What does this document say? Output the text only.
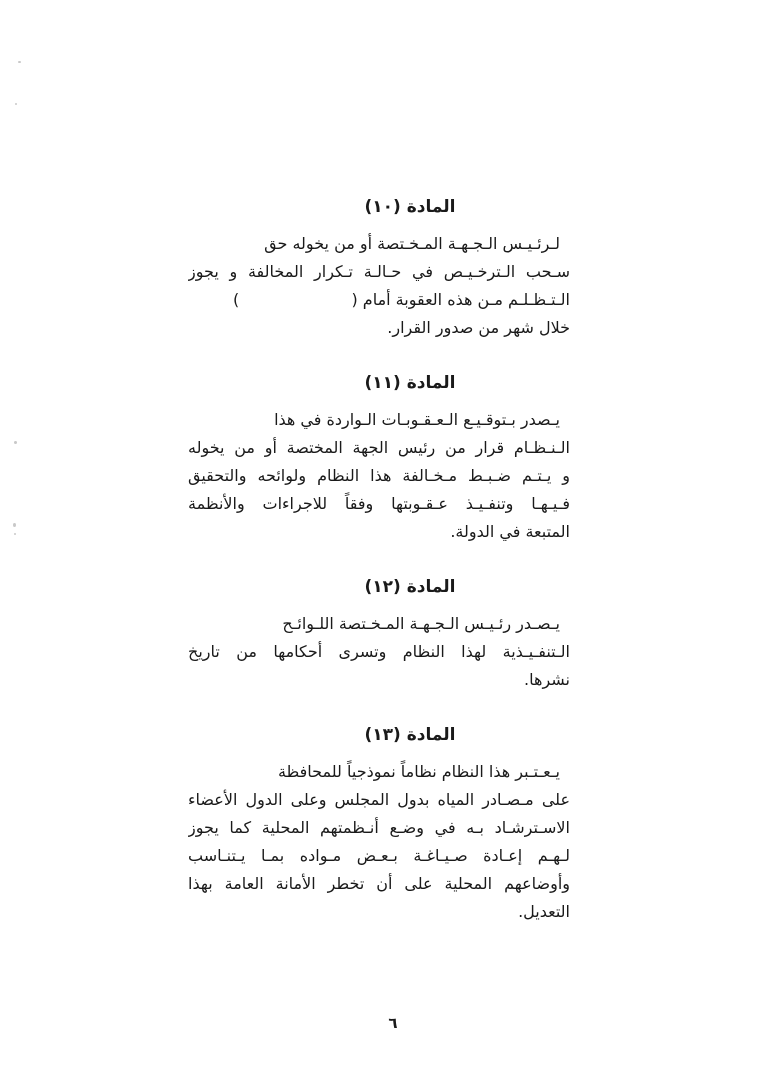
المادة (١٠)
لـرئـيـس الـجـهـة المـخـتصة أو من يخوله حق
سـحب الـترخـيـص في حـالـة تـكرار المخالفة و يجوز
الـتـظـلـم مـن هذه العقوبة أمام (
)
خلال شهر من صدور القرار.
المادة (١١)
يـصدر بـتوقـيـع الـعـقـوبـات الـواردة في هذا
الـنـظـام قرار من رئيس الجهة المختصة أو من يخوله
و يـتـم ضـبـط مـخـالفة هذا النظام ولوائحه والتحقيق
فـيـهـا وتنفـيـذ عـقـوبتها وفقاً للاجراءات والأنظمة
المتبعة في الدولة.
المادة (١٢)
يـصـدر رئـيـس الـجـهـة المـخـتصة اللـوائـح
الـتنفـيـذية لهذا النظام وتسرى أحكامها من تاريخ
نشرها.
المادة (١٣)
يـعـتـبر هذا النظام نظاماً نموذجياً للمحافظة
على مـصـادر المياه بدول المجلس وعلى الدول الأعضاء
الاسـترشـاد بـه في وضـع أنـظمتهم المحلية كما يجوز
لـهـم إعـادة صـيـاغـة بـعـض مـواده بمـا يـتنـاسب
وأوضاعهم المحلية على أن تخطر الأمانة العامة بهذا
التعديل.
٦
